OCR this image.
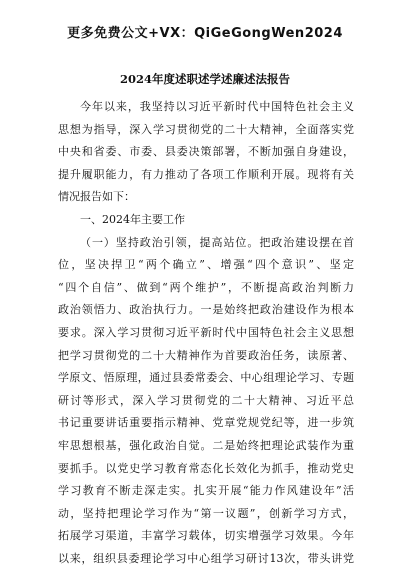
更多免费公文+VX：QiGeGongWen2024
2024年度述职述学述廉述法报告
今年以来，我坚持以习近平新时代中国特色社会主义
思想为指导，深入学习贯彻党的二十大精神，全面落实党
中央和省委、市委、县委决策部署，不断加强自身建设，
提升履职能力，有力推动了各项工作顺利开展。现将有关
情况报告如下：
一、2024年主要工作
（一）坚持政治引领，提高站位。把政治建设摆在首
位，坚决捍卫“两个确立”、增强“四个意识”、坚定
“四个自信”、做到“两个维护”，不断提高政治判断力
政治领悟力、政治执行力。一是始终把政治建设作为根本
要求。深入学习贯彻习近平新时代中国特色社会主义思想
把学习贯彻党的二十大精神作为首要政治任务，读原著、
学原文、悟原理，通过县委常委会、中心组理论学习、专题
研讨等形式，深入学习贯彻党的二十大精神、习近平总
书记重要讲话重要指示精神、党章党规党纪等，进一步筑
牢思想根基，强化政治自觉。二是始终把理论武装作为重
要抓手。以党史学习教育常态化长效化为抓手，推动党史
学习教育不断走深走实。扎实开展“能力作风建设年”活
动，坚持把理论学习作为“第一议题”，创新学习方式，
拓展学习渠道，丰富学习载体，切实增强学习效果。今年
以来，组织县委理论学习中心组学习研讨13次，带头讲党
